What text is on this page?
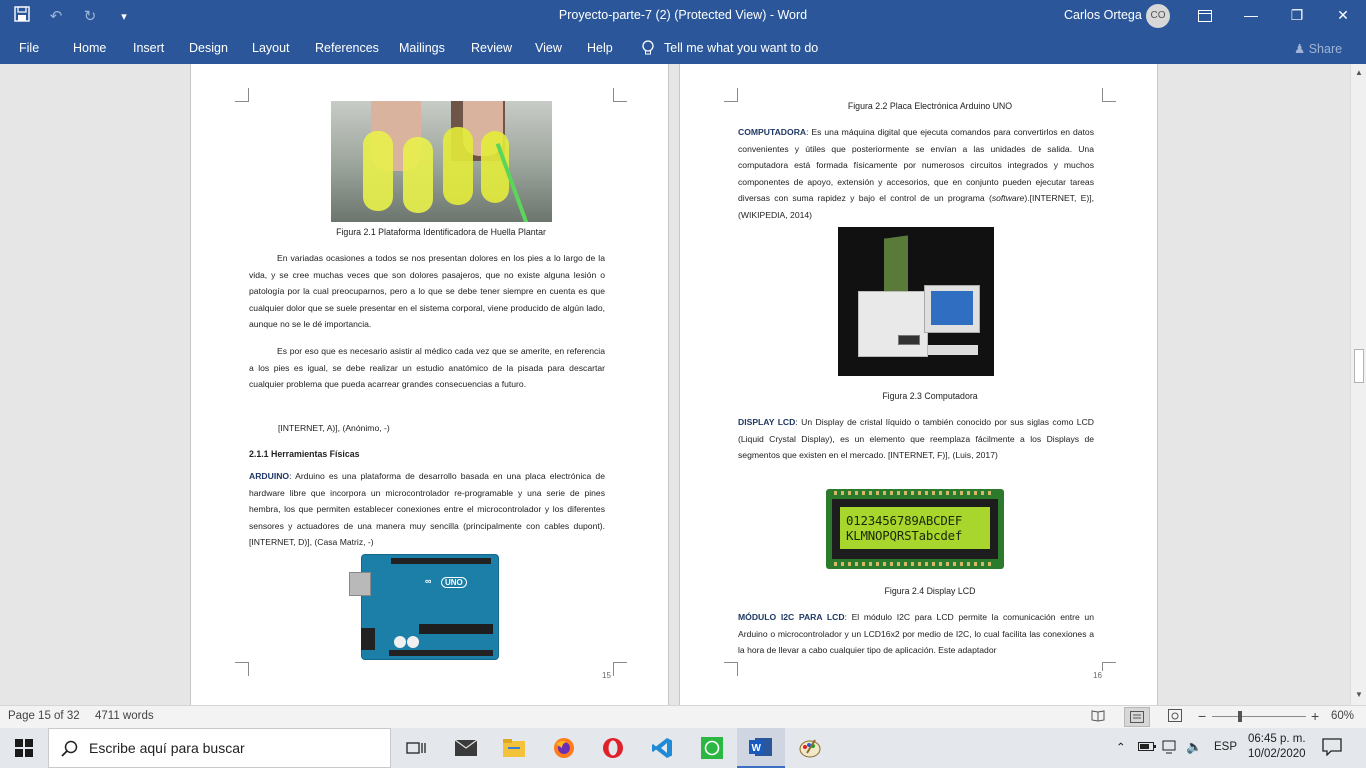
↶ ↻	▾	Proyecto-parte-7 (2) (Protected View) - Word	Carlos Ortega CO	—	❐	✕
File	Home Insert Design Layout References Mailings Review View Help	Tell me what you want to do	♟ Share
Figura 2.1 Plataforma Identificadora de Huella Plantar
En variadas ocasiones a todos se nos presentan dolores en los pies a lo largo de la vida, y se cree muchas veces que son dolores pasajeros, que no existe alguna lesión o patología por la cual preocuparnos, pero a lo que se debe tener siempre en cuenta es que cualquier dolor que se suele presentar en el sistema corporal, viene producido de algún lado, aunque no se le dé importancia.
Es por eso que es necesario asistir al médico cada vez que se amerite, en referencia a los pies es igual, se debe realizar un estudio anatómico de la pisada para descartar cualquier problema que pueda acarrear grandes consecuencias a futuro.
[INTERNET, A)], (Anónimo, -)
2.1.1 Herramientas Físicas
ARDUINO: Arduino es una plataforma de desarrollo basada en una placa electrónica de hardware libre que incorpora un microcontrolador re-programable y una serie de pines hembra, los que permiten establecer conexiones entre el microcontrolador y los diferentes sensores y actuadores de una manera muy sencilla (principalmente con cables dupont). [INTERNET, D)], (Casa Matriz, -)
∞	UNO
15
Figura 2.2 Placa Electrónica Arduino UNO
COMPUTADORA: Es una máquina digital que ejecuta comandos para convertirlos en datos convenientes y útiles que posteriormente se envían a las unidades de salida. Una computadora está formada físicamente por numerosos circuitos integrados y muchos componentes de apoyo, extensión y accesorios, que en conjunto pueden ejecutar tareas diversas con suma rapidez y bajo el control de un programa (software).[INTERNET, E)], (WIKIPEDIA, 2014)
Figura 2.3 Computadora
DISPLAY LCD: Un Display de cristal líquido o también conocido por sus siglas como LCD (Liquid Crystal Display), es un elemento que reemplaza fácilmente a los Displays de segmentos que existen en el mercado. [INTERNET, F)], (Luis, 2017)
0123456789ABCDEF
KLMNOPQRSTabcdef
Figura 2.4 Display LCD
MÓDULO I2C PARA LCD: El módulo I2C para LCD permite la comunicación entre un Arduino o microcontrolador y un LCD16x2 por medio de I2C, lo cual facilita las conexiones a la hora de llevar a cabo cualquier tipo de aplicación. Este adaptador
16
▲
▼
Page 15 of 32 4711 words	−	+ 60%
Escribe aquí para buscar	W	⌃	🔈 ESP
06:45 p. m.
10/02/2020
